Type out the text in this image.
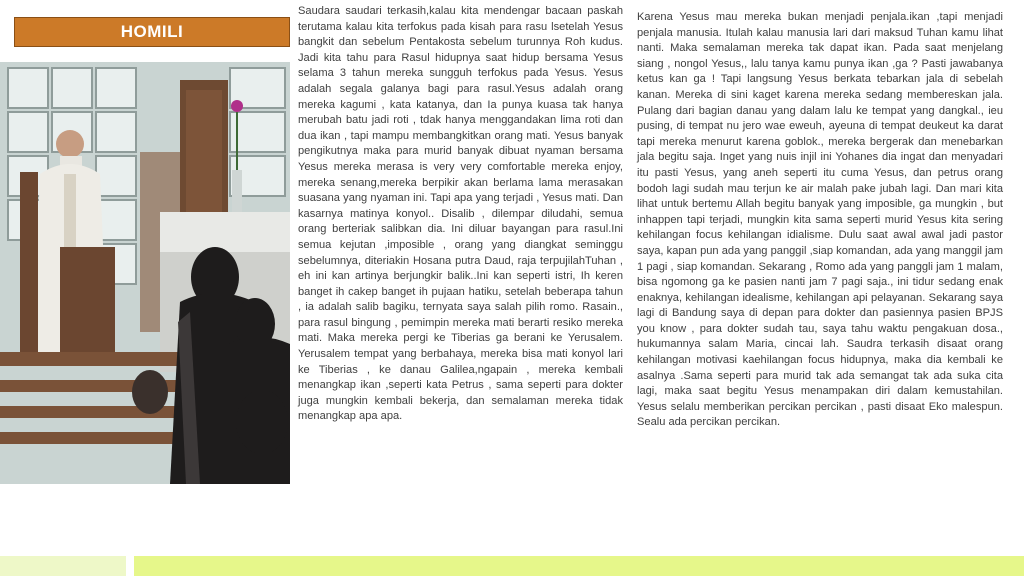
HOMILI

Saudara saudari terkasih,kalau kita mendengar bacaan paskah terutama kalau kita terfokus pada kisah para rasu lsetelah Yesus bangkit dan sebelum Pentakosta sebelum turunnya Roh kudus. Jadi kita tahu para Rasul hidupnya saat hidup bersama Yesus selama 3 tahun mereka sungguh terfokus pada Yesus. Yesus adalah segala galanya bagi para rasul.Yesus adalah orang mereka kagumi , kata katanya, dan Ia punya kuasa tak hanya merubah batu jadi roti , tdak hanya menggandakan lima roti dan dua ikan , tapi mampu membangkitkan orang mati. Yesus banyak pengikutnya maka para murid banyak dibuat nyaman bersama Yesus mereka merasa is very very comfortable mereka enjoy, mereka senang,mereka berpikir akan berlama lama merasakan suasana yang nyaman ini. Tapi apa yang terjadi , Yesus mati. Dan kasarnya matinya konyol.. Disalib , dilempar diludahi, semua orang berteriak salibkan dia. Ini diluar bayangan para rasul.Ini semua kejutan ,imposible , orang yang diangkat seminggu sebelumnya, diteriakin Hosana putra Daud, raja terpujilahTuhan , eh ini kan artinya berjungkir balik..Ini kan seperti istri, Ih keren banget ih cakep banget ih pujaan hatiku, setelah beberapa tahun , ia adalah salib bagiku, ternyata saya salah pilih romo. Rasain., para rasul bingung , pemimpin mereka mati berarti resiko mereka mati. Maka mereka pergi ke Tiberias ga berani ke Yerusalem. Yerusalem tempat yang berbahaya, mereka bisa mati konyol lari ke Tiberias , ke danau Galilea,ngapain , mereka kembali menangkap ikan ,seperti kata Petrus , sama seperti para dokter juga mungkin kembali bekerja, dan semalaman mereka tidak menangkap apa apa.

Karena Yesus mau mereka bukan menjadi penjala.ikan ,tapi menjadi penjala manusia. Itulah kalau manusia lari dari maksud Tuhan kamu lihat nanti. Maka semalaman mereka tak dapat ikan. Pada saat menjelang siang , nongol Yesus,, lalu tanya kamu punya ikan ,ga ? Pasti jawabanya ketus kan ga ! Tapi langsung Yesus berkata tebarkan jala di sebelah kanan. Mereka di sini kaget karena mereka sedang membereskan jala. Pulang dari bagian danau yang dalam lalu ke tempat yang dangkal., ieu pusing, di tempat nu jero wae eweuh, ayeuna di tempat deukeut ka darat tapi mereka menurut karena goblok., mereka bergerak dan menebarkan jala begitu saja. Inget yang nuis injil ini Yohanes dia ingat dan menyadari itu pasti Yesus, yang aneh seperti itu cuma Yesus, dan petrus orang bodoh lagi sudah mau terjun ke air malah pake jubah lagi. Dan mari kita lihat untuk bertemu Allah begitu banyak yang imposible, ga mungkin , but inhappen tapi terjadi, mungkin kita sama seperti murid Yesus kita sering kehilangan focus kehilangan idialisme. Dulu saat awal awal jadi pastor saya, kapan pun ada yang panggil ,siap komandan, ada yang manggil jam 1 pagi , siap komandan. Sekarang , Romo ada yang panggli jam 1 malam, bisa ngomong ga ke pasien nanti jam 7 pagi saja., ini tidur sedang enak enaknya, kehilangan idealisme, kehilangan api pelayanan. Sekarang saya lagi di Bandung saya di depan para dokter dan pasiennya pasien BPJS you know , para dokter sudah tau, saya tahu waktu pengakuan dosa., hukumannya salam Maria, cincai lah. Saudra terkasih disaat orang kehilangan motivasi kaehilangan focus hidupnya, maka dia kembali ke asalnya .Sama seperti para murid tak ada semangat tak ada suka cita lagi, maka saat begitu Yesus menampakan diri dalam kemustahilan. Yesus selalu memberikan percikan percikan , pasti disaat Eko malespun. Sealu ada percikan percikan.
